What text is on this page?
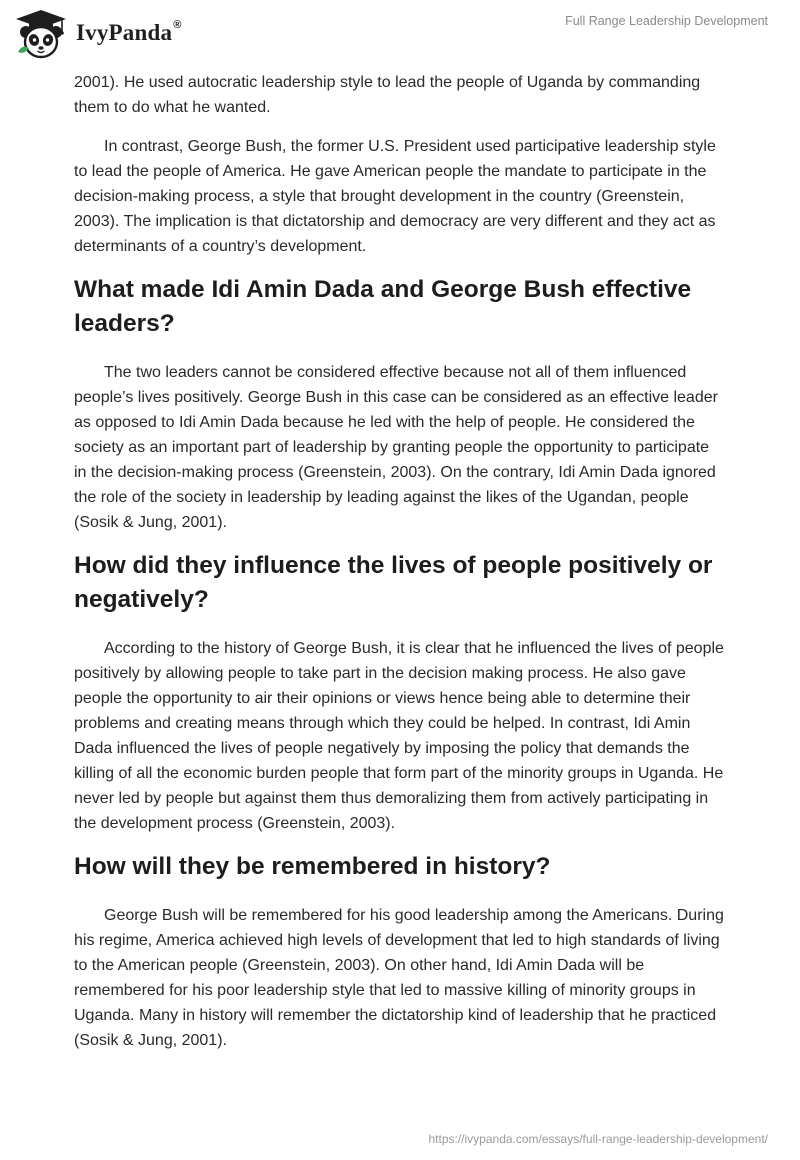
IvyPanda®	Full Range Leadership Development

2001). He used autocratic leadership style to lead the people of Uganda by commanding them to do what he wanted.

In contrast, George Bush, the former U.S. President used participative leadership style to lead the people of America. He gave American people the mandate to participate in the decision-making process, a style that brought development in the country (Greenstein, 2003). The implication is that dictatorship and democracy are very different and they act as determinants of a country’s development.

What made Idi Amin Dada and George Bush effective leaders?

The two leaders cannot be considered effective because not all of them influenced people’s lives positively. George Bush in this case can be considered as an effective leader as opposed to Idi Amin Dada because he led with the help of people. He considered the society as an important part of leadership by granting people the opportunity to participate in the decision-making process (Greenstein, 2003). On the contrary, Idi Amin Dada ignored the role of the society in leadership by leading against the likes of the Ugandan, people (Sosik & Jung, 2001).

How did they influence the lives of people positively or negatively?

According to the history of George Bush, it is clear that he influenced the lives of people positively by allowing people to take part in the decision making process. He also gave people the opportunity to air their opinions or views hence being able to determine their problems and creating means through which they could be helped. In contrast, Idi Amin Dada influenced the lives of people negatively by imposing the policy that demands the killing of all the economic burden people that form part of the minority groups in Uganda. He never led by people but against them thus demoralizing them from actively participating in the development process (Greenstein, 2003).

How will they be remembered in history?

George Bush will be remembered for his good leadership among the Americans. During his regime, America achieved high levels of development that led to high standards of living to the American people (Greenstein, 2003). On other hand, Idi Amin Dada will be remembered for his poor leadership style that led to massive killing of minority groups in Uganda. Many in history will remember the dictatorship kind of leadership that he practiced (Sosik & Jung, 2001).

https://ivypanda.com/essays/full-range-leadership-development/
